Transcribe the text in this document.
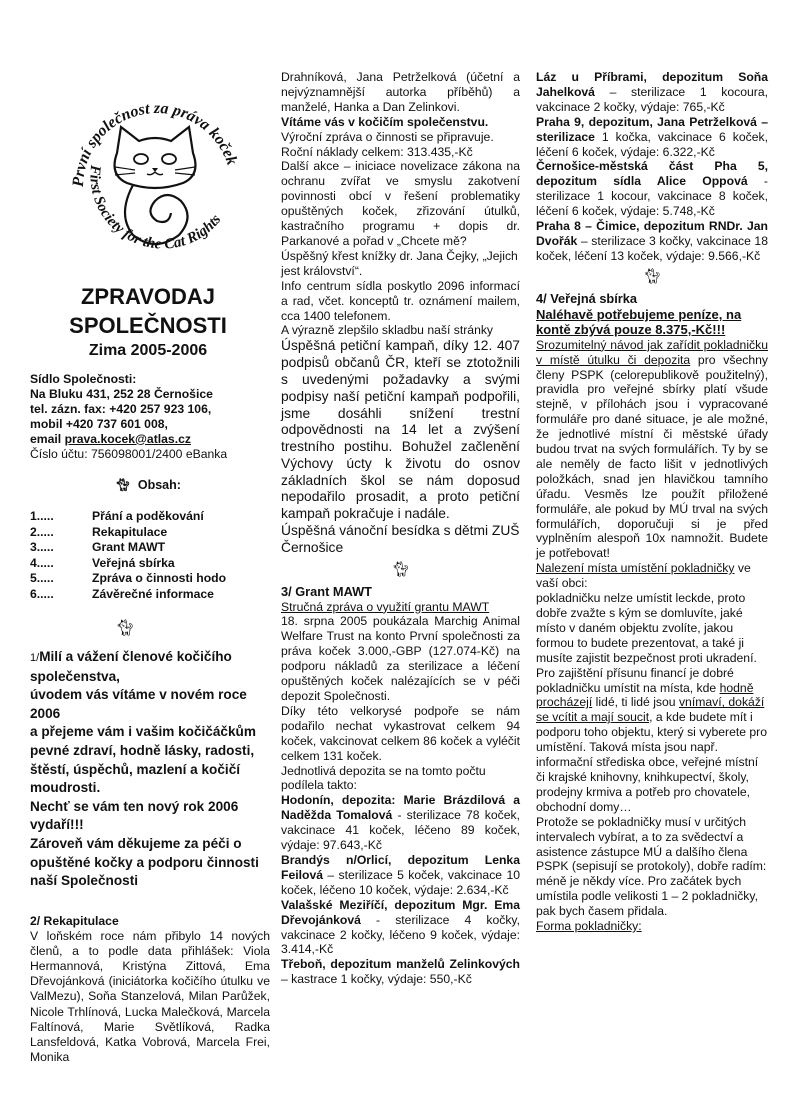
První společnost za práva koček
First Society for the Cat Rights
ZPRAVODAJ
SPOLEČNOSTI
Zima 2005-2006
Sídlo Společnosti:
Na Bluku 431, 252 28 Černošice
tel. zázn. fax: +420 257 923 106,
mobil +420 737 601 008,
email prava.kocek@atlas.cz
Číslo účtu: 756098001/2400 eBanka
🐈︎ Obsah:
1.....	Přání a poděkování
2.....	Rekapitulace
3.....	Grant MAWT
4.....	Veřejná sbírka
5.....	Zpráva o činnosti hodo
6.....	Závěrečné informace
🐈︎

1/Milí a vážení členové kočičího společenstva,

úvodem vás vítáme v novém roce 2006

a přejeme vám i vašim kočičáčkům pevné zdraví, hodně lásky, radosti, štěstí, úspěchů, mazlení a kočičí moudrosti.

Nechť se vám ten nový rok 2006 vydaří!!!

Zároveň vám děkujeme za péči o opuštěné kočky a podporu činnosti naší Společnosti

2/ Rekapitulace

V loňském roce nám přibylo 14 nových členů, a to podle data přihlášek: Viola Hermannová, Kristýna Zittová, Ema Dřevojánková (iniciátorka kočičího útulku ve ValMezu), Soňa Stanzelová, Milan Parůžek, Nicole Trhlínová, Lucka Malečková, Marcela Faltínová, Marie Světlíková, Radka Lansfeldová, Katka Vobrová, Marcela Frei, Monika

Drahníková, Jana Petrželková (účetní a nejvýznamnější autorka příběhů) a manželé, Hanka a Dan Zelinkovi.

Vítáme vás v kočičím společenstvu.

Výroční zpráva o činnosti se připravuje.

Roční náklady celkem: 313.435,-Kč

Další akce – iniciace novelizace zákona na ochranu zvířat ve smyslu zakotvení povinnosti obcí v řešení problematiky opuštěných koček, zřizování útulků, kastračního programu + dopis dr. Parkanové a pořad v „Chcete mě?

Úspěšný křest knížky dr. Jana Čejky, „Jejich jest království“.

Info centrum sídla poskytlo 2096 informací a rad, včet. konceptů tr. oznámení mailem, cca 1400 telefonem.

A výrazně zlepšilo skladbu naší stránky

Úspěšná petiční kampaň, díky 12. 407 podpisů občanů ČR, kteří se ztotožnili s uvedenými požadavky a svými podpisy naší petiční kampaň podpořili, jsme dosáhli snížení trestní odpovědnosti na 14 let a zvýšení trestního postihu. Bohužel začlenění Výchovy úcty k životu do osnov základních škol se nám doposud nepodařilo prosadit, a proto petiční kampaň pokračuje i nadále.

Úspěšná vánoční besídka s dětmi ZUŠ Černošice

🐈︎

3/ Grant MAWT

Stručná zpráva o využití grantu MAWT

18. srpna 2005 poukázala Marchig Animal Welfare Trust na konto První společnosti za práva koček 3.000,-GBP (127.074-Kč) na podporu nákladů za sterilizace a léčení opuštěných koček nalézajících se v péči depozit Společnosti.

Díky této velkorysé podpoře se nám podařilo nechat vykastrovat celkem 94 koček, vakcinovat celkem 86 koček a vyléčit celkem 131 koček.

Jednotlivá depozita se na tomto počtu podílela takto:

Hodonín, depozita: Marie Brázdilová a Naděžda Tomalová - sterilizace 78 koček, vakcinace 41 koček, léčeno 89 koček, výdaje: 97.643,-Kč

Brandýs n/Orlicí, depozitum Lenka Feilová – sterilizace 5 koček, vakcinace 10 koček, léčeno 10 koček, výdaje: 2.634,-Kč

Valašské Meziříčí, depozitum Mgr. Ema Dřevojánková - sterilizace 4 kočky, vakcinace 2 kočky, léčeno 9 koček, výdaje: 3.414,-Kč

Třeboň, depozitum manželů Zelinkových – kastrace 1 kočky, výdaje: 550,-Kč

Láz u Příbrami, depozitum Soňa Jahelková – sterilizace 1 kocoura, vakcinace 2 kočky, výdaje: 765,-Kč

Praha 9, depozitum, Jana Petrželková – sterilizace 1 kočka, vakcinace 6 koček, léčení 6 koček, výdaje: 6.322,-Kč

Černošice-městská část Pha 5, depozitum sídla Alice Oppová - sterilizace 1 kocour, vakcinace 8 koček, léčení 6 koček, výdaje: 5.748,-Kč

Praha 8 – Čimice, depozitum RNDr. Jan Dvořák – sterilizace 3 kočky, vakcinace 18 koček, léčení 13 koček, výdaje: 9.566,-Kč

🐈︎

4/ Veřejná sbírka

Naléhavě potřebujeme peníze, na kontě zbývá pouze 8.375,-Kč!!!

Srozumitelný návod jak zařídit pokladničku v místě útulku či depozita pro všechny členy PSPK (celorepublikově použitelný), pravidla pro veřejné sbírky platí všude stejně, v přílohách jsou i vypracované formuláře pro dané situace, je ale možné, že jednotlivé místní či městské úřady budou trvat na svých formulářích. Ty by se ale neměly de facto lišit v jednotlivých položkách, snad jen hlavičkou tamního úřadu. Vesměs lze použít přiložené formuláře, ale pokud by MÚ trval na svých formulářích, doporučuji si je před vyplněním alespoň 10x namnožit. Budete je potřebovat!

Nalezení místa umístění pokladničky ve vaší obci:

pokladničku nelze umístit leckde, proto dobře zvažte s kým se domluvíte, jaké místo v daném objektu zvolíte, jakou formou to budete prezentovat, a také ji musíte zajistit bezpečnost proti ukradení.

Pro zajištění přísunu financí je dobré pokladničku umístit na místa, kde hodně procházejí lidé, ti lidé jsou vnímaví, dokáží se vcítit a mají soucit, a kde budete mít i podporu toho objektu, který si vyberete pro umístění. Taková místa jsou např. informační střediska obce, veřejné místní či krajské knihovny, knihkupectví, školy, prodejny krmiva a potřeb pro chovatele, obchodní domy…

Protože se pokladničky musí v určitých intervalech vybírat, a to za svědectví a asistence zástupce MÚ a dalšího člena PSPK (sepisují se protokoly), dobře radím: méně je někdy více. Pro začátek bych umístila podle velikosti 1 – 2 pokladničky, pak bych časem přidala.

Forma pokladničky:
